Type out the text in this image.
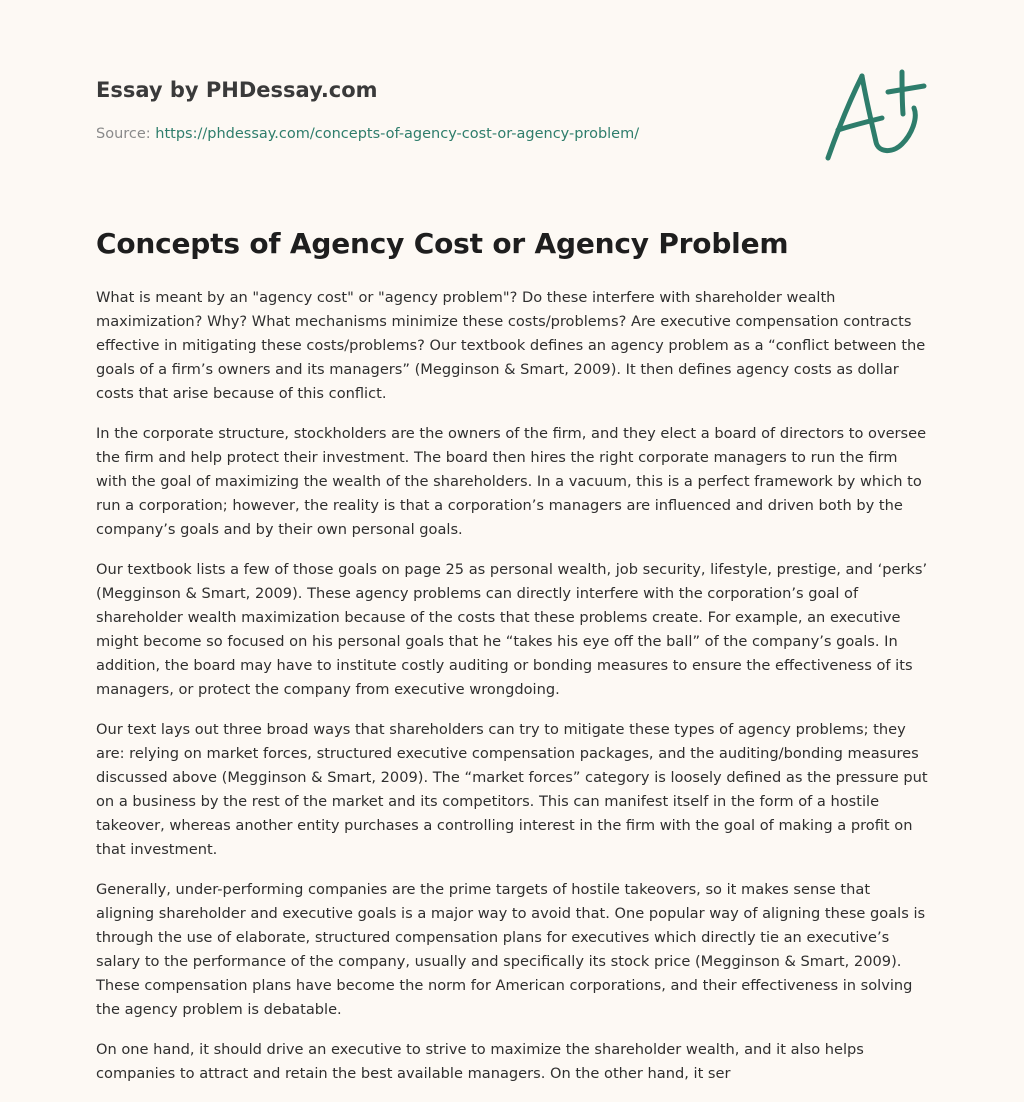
Essay by PHDessay.com
Source: https://phdessay.com/concepts-of-agency-cost-or-agency-problem/
Concepts of Agency Cost or Agency Problem

What is meant by an "agency cost" or "agency problem"? Do these interfere with shareholder wealth maximization? Why? What mechanisms minimize these costs/problems? Are executive compensation contracts effective in mitigating these costs/problems? Our textbook defines an agency problem as a “conflict between the goals of a firm’s owners and its managers” (Megginson & Smart, 2009). It then defines agency costs as dollar costs that arise because of this conflict.

In the corporate structure, stockholders are the owners of the firm, and they elect a board of directors to oversee the firm and help protect their investment. The board then hires the right corporate managers to run the firm with the goal of maximizing the wealth of the shareholders. In a vacuum, this is a perfect framework by which to run a corporation; however, the reality is that a corporation’s managers are influenced and driven both by the company’s goals and by their own personal goals.

Our textbook lists a few of those goals on page 25 as personal wealth, job security, lifestyle, prestige, and ‘perks’ (Megginson & Smart, 2009). These agency problems can directly interfere with the corporation’s goal of shareholder wealth maximization because of the costs that these problems create. For example, an executive might become so focused on his personal goals that he “takes his eye off the ball” of the company’s goals. In addition, the board may have to institute costly auditing or bonding measures to ensure the effectiveness of its managers, or protect the company from executive wrongdoing.

Our text lays out three broad ways that shareholders can try to mitigate these types of agency problems; they are: relying on market forces, structured executive compensation packages, and the auditing/bonding measures discussed above (Megginson & Smart, 2009). The “market forces” category is loosely defined as the pressure put on a business by the rest of the market and its competitors. This can manifest itself in the form of a hostile takeover, whereas another entity purchases a controlling interest in the firm with the goal of making a profit on that investment.

Generally, under-performing companies are the prime targets of hostile takeovers, so it makes sense that aligning shareholder and executive goals is a major way to avoid that. One popular way of aligning these goals is through the use of elaborate, structured compensation plans for executives which directly tie an executive’s salary to the performance of the company, usually and specifically its stock price (Megginson & Smart, 2009). These compensation plans have become the norm for American corporations, and their effectiveness in solving the agency problem is debatable.

On one hand, it should drive an executive to strive to maximize the shareholder wealth, and it also helps companies to attract and retain the best available managers. On the other hand, it ser
